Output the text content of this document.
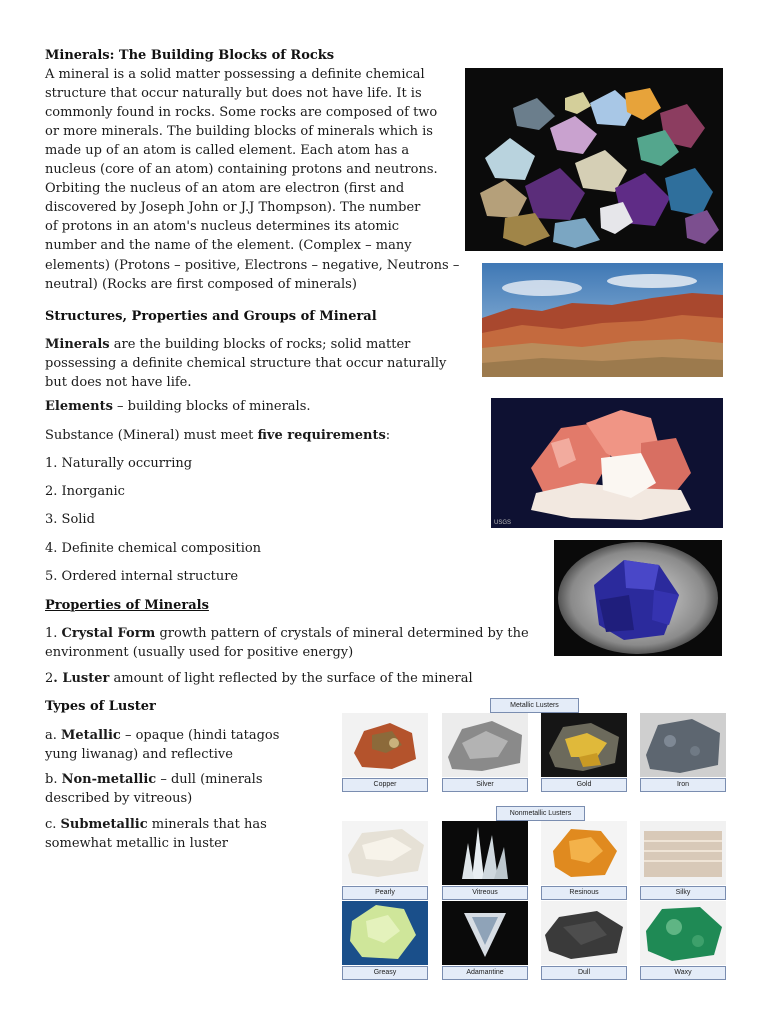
Minerals: The Building Blocks of Rocks

A mineral is a solid matter possessing a definite chemical
structure that occur naturally but does not have life. It is
commonly found in rocks. Some rocks are composed of two
or more minerals. The building blocks of minerals which is
made up of an atom is called element. Each atom has a
nucleus (core of an atom) containing protons and neutrons.
Orbiting the nucleus of an atom are electron (first and
discovered by Joseph John or J.J Thompson). The number
of protons in an atom's nucleus determines its atomic
number and the name of the element. (Complex – many
elements) (Protons – positive, Electrons – negative, Neutrons –
neutral) (Rocks are first composed of minerals)

Structures, Properties and Groups of Mineral

Minerals are the building blocks of rocks; solid matter
possessing a definite chemical structure that occur naturally
but does not have life.
Elements – building blocks of minerals.
Substance (Mineral) must meet five requirements:

1. Naturally occurring

2. Inorganic

3. Solid

4. Definite chemical composition

5. Ordered internal structure

USGS

Properties of Minerals

1. Crystal Form growth pattern of crystals of mineral determined by the
environment (usually used for positive energy)
2. Luster amount of light reflected by the surface of the mineral

Types of Luster

a. Metallic – opaque (hindi tatagos
yung liwanag) and reflective
b. Non-metallic – dull (minerals
described by vitreous)
c. Submetallic minerals that has
somewhat metallic in luster
Metallic Lusters
Copper	Silver	Gold	Iron
Nonmetallic Lusters
Pearly	Vitreous	Resinous	Silky
Greasy	Adamantine	Dull	Waxy
